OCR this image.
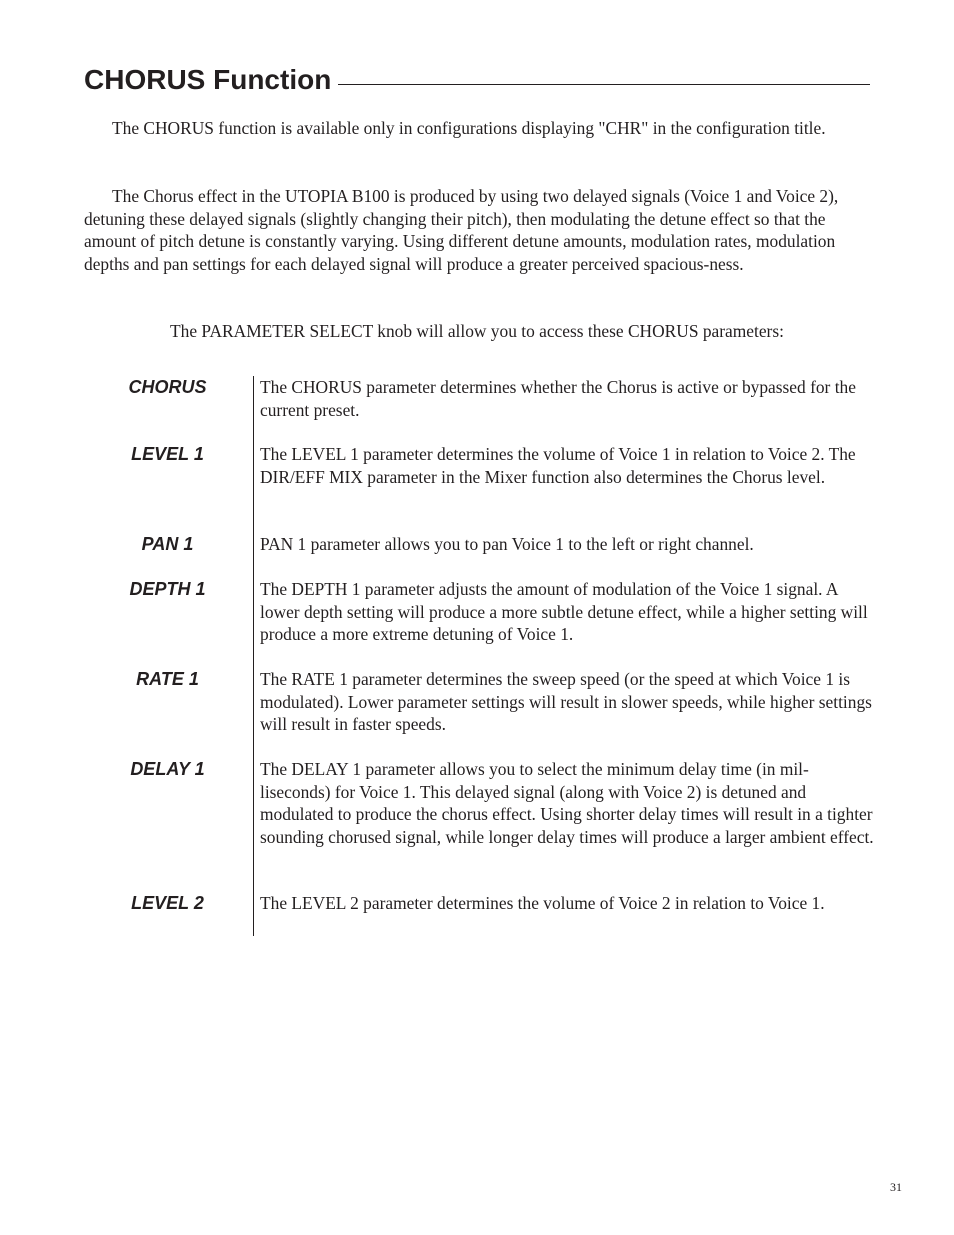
CHORUS Function

The CHORUS function is available only in configurations displaying "CHR" in the configuration title.

The Chorus effect in the UTOPIA B100 is produced by using two delayed signals (Voice 1 and Voice 2), detuning these delayed signals (slightly changing their pitch), then modulating the detune effect so that the amount of pitch detune is constantly varying. Using different detune amounts, modulation rates, modulation depths and pan settings for each delayed signal will produce a greater perceived spacious-ness.

The PARAMETER SELECT knob will allow you to access these CHORUS parameters:

CHORUS	The CHORUS parameter determines whether the Chorus is active or bypassed for the current preset.

LEVEL 1	The LEVEL 1 parameter determines the volume of Voice 1 in relation to Voice 2. The DIR/EFF MIX parameter in the Mixer function also determines the Chorus level.

PAN 1	PAN 1 parameter allows you to pan Voice 1 to the left or right channel.

DEPTH 1	The DEPTH 1 parameter adjusts the amount of modulation of the Voice 1 signal. A lower depth setting will produce a more subtle detune effect, while a higher setting will produce a more extreme detuning of Voice 1.

RATE 1	The RATE 1 parameter determines the sweep speed (or the speed at which Voice 1 is modulated). Lower parameter settings will result in slower speeds, while higher settings will result in faster speeds.

DELAY 1	The DELAY 1 parameter allows you to select the minimum delay time (in mil-liseconds) for Voice 1. This delayed signal (along with Voice 2) is detuned and modulated to produce the chorus effect. Using shorter delay times will result in a tighter sounding chorused signal, while longer delay times will produce a larger ambient effect.

LEVEL 2	The LEVEL 2 parameter determines the volume of Voice 2 in relation to Voice 1.

31
